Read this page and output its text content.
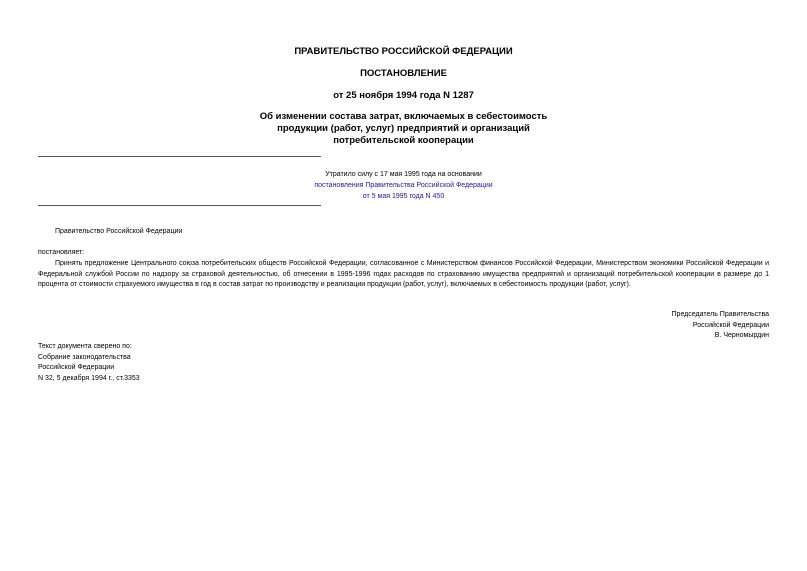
ПРАВИТЕЛЬСТВО РОССИЙСКОЙ ФЕДЕРАЦИИ
ПОСТАНОВЛЕНИЕ
от 25 ноября 1994 года N 1287
Об изменении состава затрат, включаемых в себестоимость
продукции (работ, услуг) предприятий и организаций
потребительской кооперации
Утратило силу с 17 мая 1995 года на основании
постановления Правительства Российской Федерации
от 5 мая 1995 года N 450
Правительство Российской Федерации
постановляет:
Принять предложение Центрального союза потребительских обществ Российской Федерации, согласованное с Министерством финансов Российской Федерации, Министерством экономики Российской Федерации и Федеральной службой России по надзору за страховой деятельностью, об отнесении в 1995-1996 годах расходов по страхованию имущества предприятий и организаций потребительской кооперации в размере до 1 процента от стоимости страхуемого имущества в год в состав затрат по производству и реализации продукции (работ, услуг), включаемых в себестоимость продукции (работ, услуг).
Председатель Правительства
Российской Федерации
В. Черномырдин
Текст документа сверено по:
Собрание законодательства
Российской Федерации
N 32, 5 декабря 1994 г., ст.3353
